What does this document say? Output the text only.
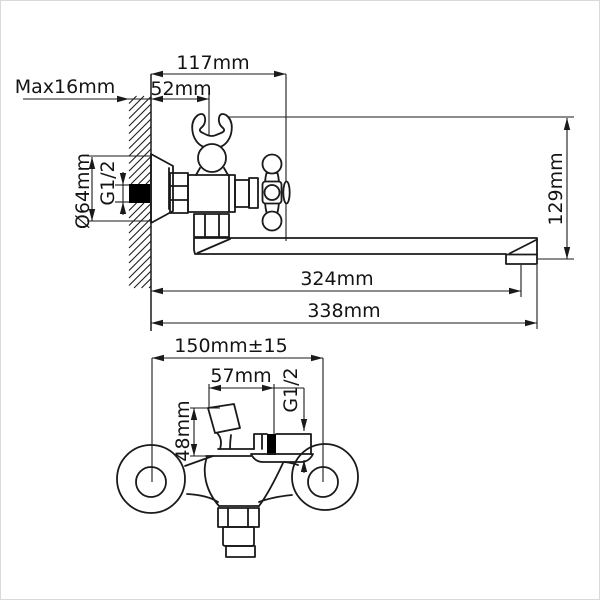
117mm
52mm
Max16mm
Ø64mm G1/2	129mm
324mm
338mm
150mm±15
57mm G1/2
48mm
